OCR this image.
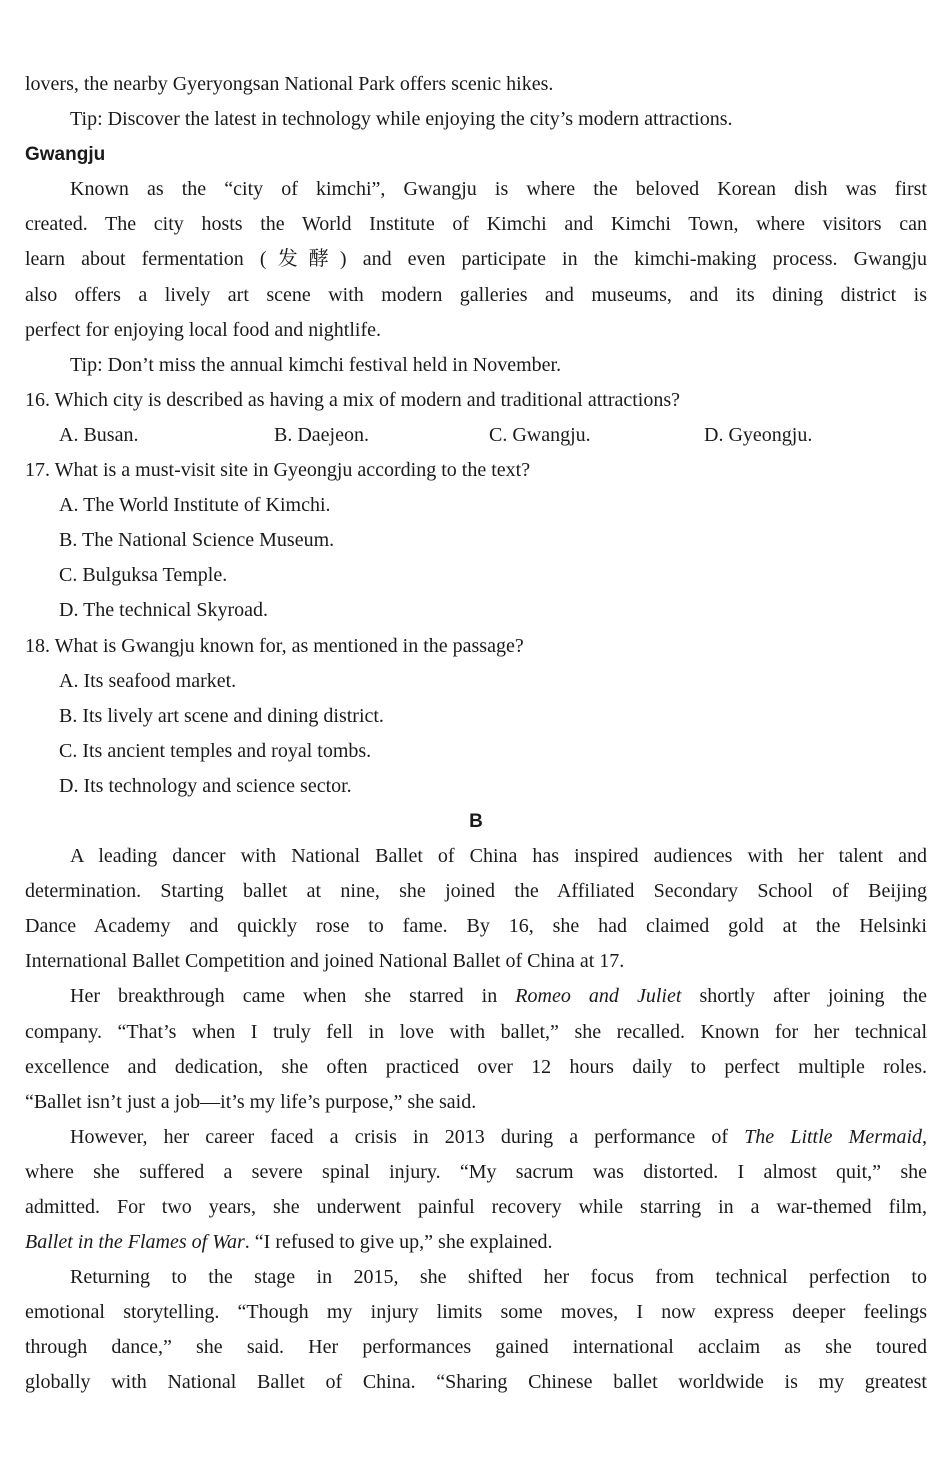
lovers, the nearby Gyeryongsan National Park offers scenic hikes.
Tip: Discover the latest in technology while enjoying the city’s modern attractions.
Gwangju
Known as the “city of kimchi”, Gwangju is where the beloved Korean dish was first
created. The city hosts the World Institute of Kimchi and Kimchi Town, where visitors can
learn about fermentation (发酵) and even participate in the kimchi-making process. Gwangju
also offers a lively art scene with modern galleries and museums, and its dining district is
perfect for enjoying local food and nightlife.
Tip: Don’t miss the annual kimchi festival held in November.
16. Which city is described as having a mix of modern and traditional attractions?
A. Busan.	B. Daejeon.	C. Gwangju.	D. Gyeongju.
17. What is a must-visit site in Gyeongju according to the text?
A. The World Institute of Kimchi.
B. The National Science Museum.
C. Bulguksa Temple.
D. The technical Skyroad.
18. What is Gwangju known for, as mentioned in the passage?
A. Its seafood market.
B. Its lively art scene and dining district.
C. Its ancient temples and royal tombs.
D. Its technology and science sector.
B
A leading dancer with National Ballet of China has inspired audiences with her talent and
determination. Starting ballet at nine, she joined the Affiliated Secondary School of Beijing
Dance Academy and quickly rose to fame. By 16, she had claimed gold at the Helsinki
International Ballet Competition and joined National Ballet of China at 17.
Her breakthrough came when she starred in Romeo and Juliet shortly after joining the
company. “That’s when I truly fell in love with ballet,” she recalled. Known for her technical
excellence and dedication, she often practiced over 12 hours daily to perfect multiple roles.
“Ballet isn’t just a job—it’s my life’s purpose,” she said.
However, her career faced a crisis in 2013 during a performance of The Little Mermaid,
where she suffered a severe spinal injury. “My sacrum was distorted. I almost quit,” she
admitted. For two years, she underwent painful recovery while starring in a war-themed film,
Ballet in the Flames of War. “I refused to give up,” she explained.
Returning to the stage in 2015, she shifted her focus from technical perfection to
emotional storytelling. “Though my injury limits some moves, I now express deeper feelings
through dance,” she said. Her performances gained international acclaim as she toured
globally with National Ballet of China. “Sharing Chinese ballet worldwide is my greatest
